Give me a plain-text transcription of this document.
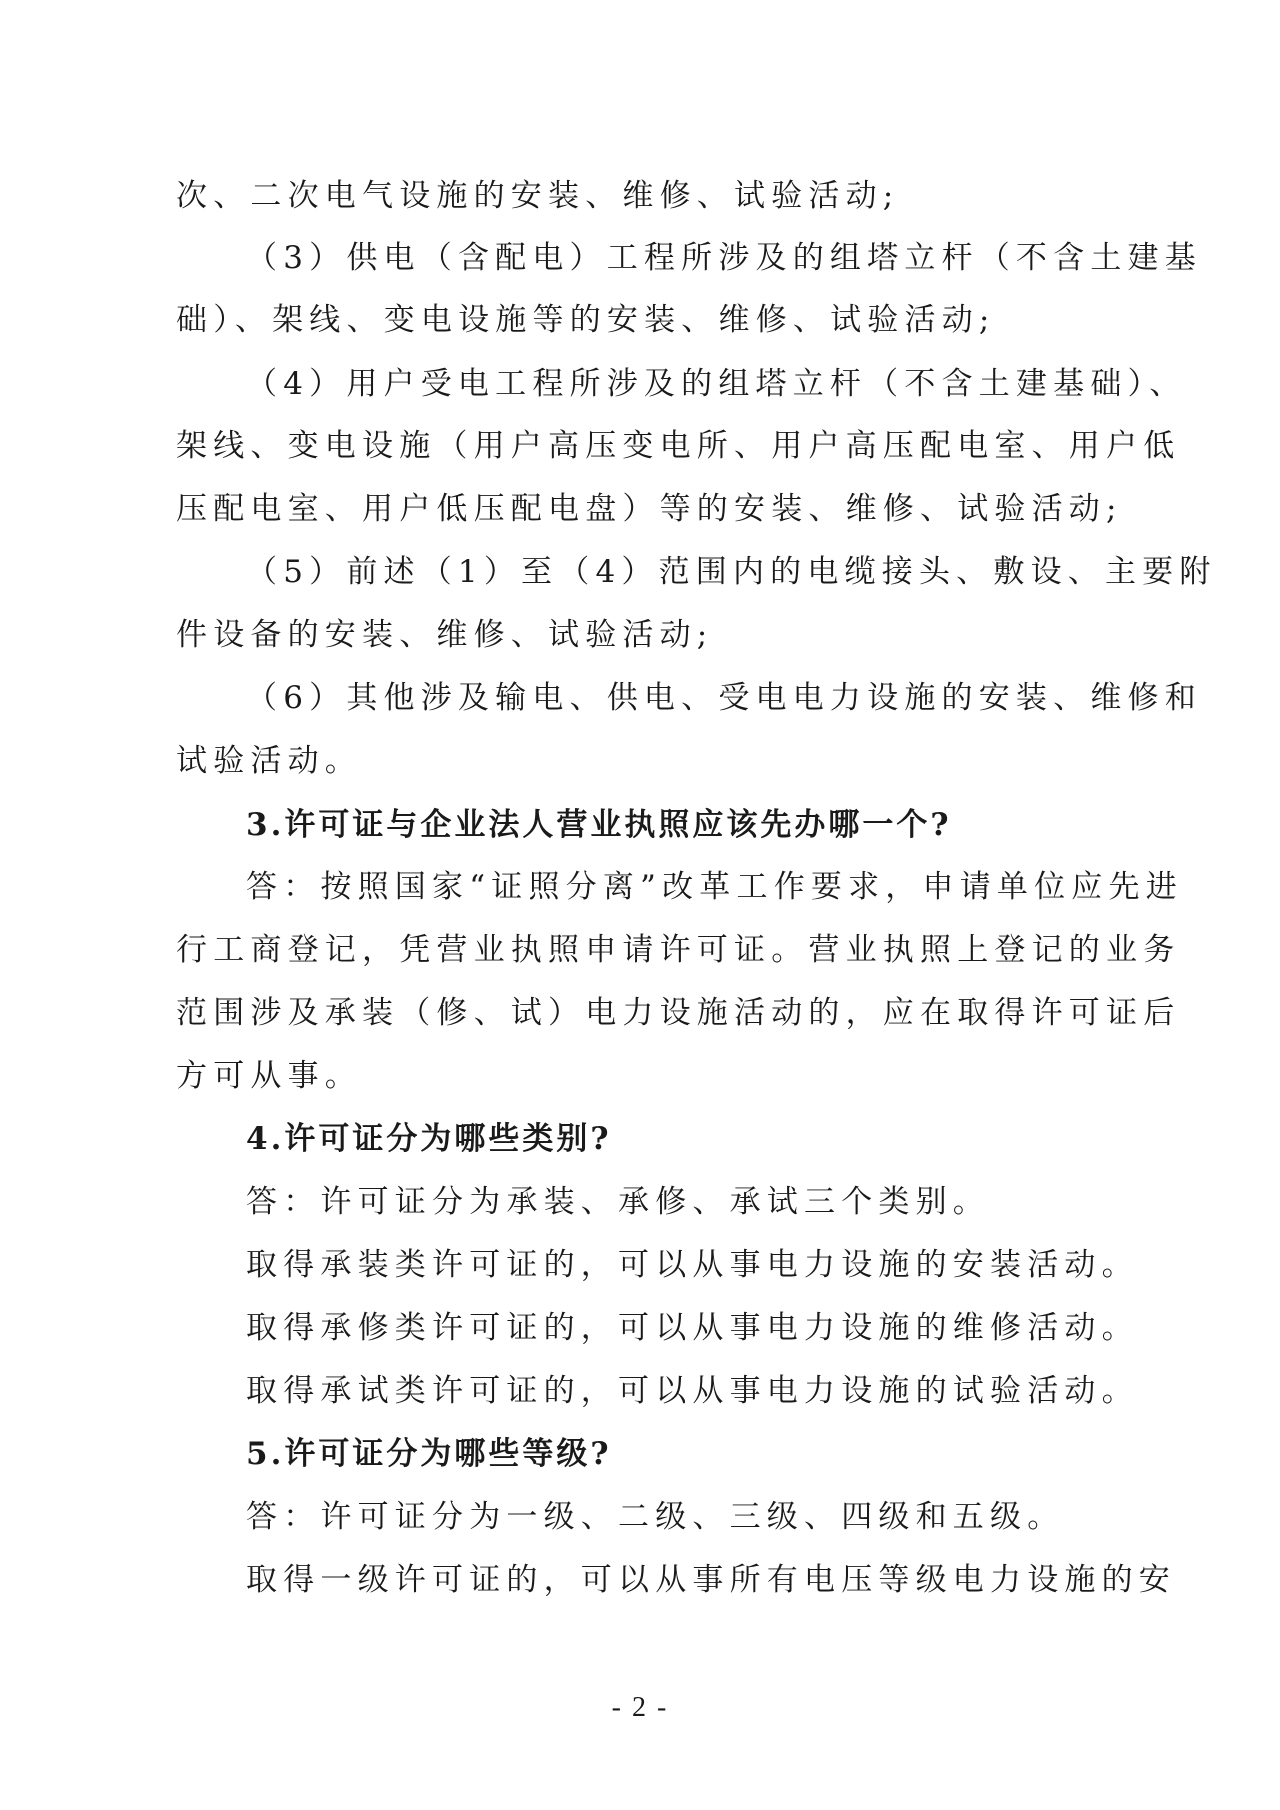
次、二次电气设施的安装、维修、试验活动;
（3）供电（含配电）工程所涉及的组塔立杆（不含土建基
础）、架线、变电设施等的安装、维修、试验活动;
（4）用户受电工程所涉及的组塔立杆（不含土建基础）、
架线、变电设施（用户高压变电所、用户高压配电室、用户低
压配电室、用户低压配电盘）等的安装、维修、试验活动;
（5）前述（1）至（4）范围内的电缆接头、敷设、主要附
件设备的安装、维修、试验活动;
（6）其他涉及输电、供电、受电电力设施的安装、维修和
试验活动。
3.许可证与企业法人营业执照应该先办哪一个?
答：按照国家“证照分离”改革工作要求，申请单位应先进
行工商登记，凭营业执照申请许可证。营业执照上登记的业务
范围涉及承装（修、试）电力设施活动的，应在取得许可证后
方可从事。
4.许可证分为哪些类别?
答：许可证分为承装、承修、承试三个类别。
取得承装类许可证的，可以从事电力设施的安装活动。
取得承修类许可证的，可以从事电力设施的维修活动。
取得承试类许可证的，可以从事电力设施的试验活动。
5.许可证分为哪些等级?
答：许可证分为一级、二级、三级、四级和五级。
取得一级许可证的，可以从事所有电压等级电力设施的安
- 2 -
